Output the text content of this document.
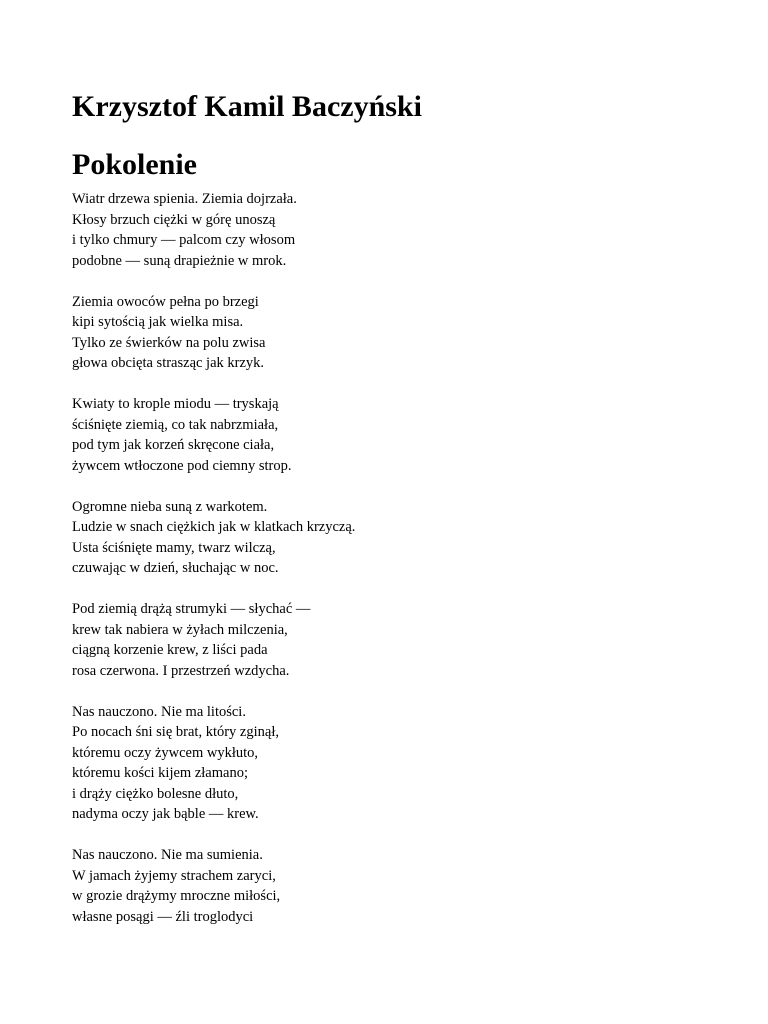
Krzysztof Kamil Baczyński
Pokolenie
Wiatr drzewa spienia. Ziemia dojrzała.
Kłosy brzuch ciężki w górę unoszą
i tylko chmury — palcom czy włosom
podobne — suną drapieżnie w mrok.
Ziemia owoców pełna po brzegi
kipi sytością jak wielka misa.
Tylko ze świerków na polu zwisa
głowa obcięta strasząc jak krzyk.
Kwiaty to krople miodu — tryskają
ściśnięte ziemią, co tak nabrzmiała,
pod tym jak korzeń skręcone ciała,
żywcem wtłoczone pod ciemny strop.
Ogromne nieba suną z warkotem.
Ludzie w snach ciężkich jak w klatkach krzyczą.
Usta ściśnięte mamy, twarz wilczą,
czuwając w dzień, słuchając w noc.
Pod ziemią drążą strumyki — słychać —
krew tak nabiera w żyłach milczenia,
ciągną korzenie krew, z liści pada
rosa czerwona. I przestrzeń wzdycha.
Nas nauczono. Nie ma litości.
Po nocach śni się brat, który zginął,
któremu oczy żywcem wykłuto,
któremu kości kijem złamano;
i drąży ciężko bolesne dłuto,
nadyma oczy jak bąble — krew.
Nas nauczono. Nie ma sumienia.
W jamach żyjemy strachem zaryci,
w grozie drążymy mroczne miłości,
własne posągi — źli troglodyci
